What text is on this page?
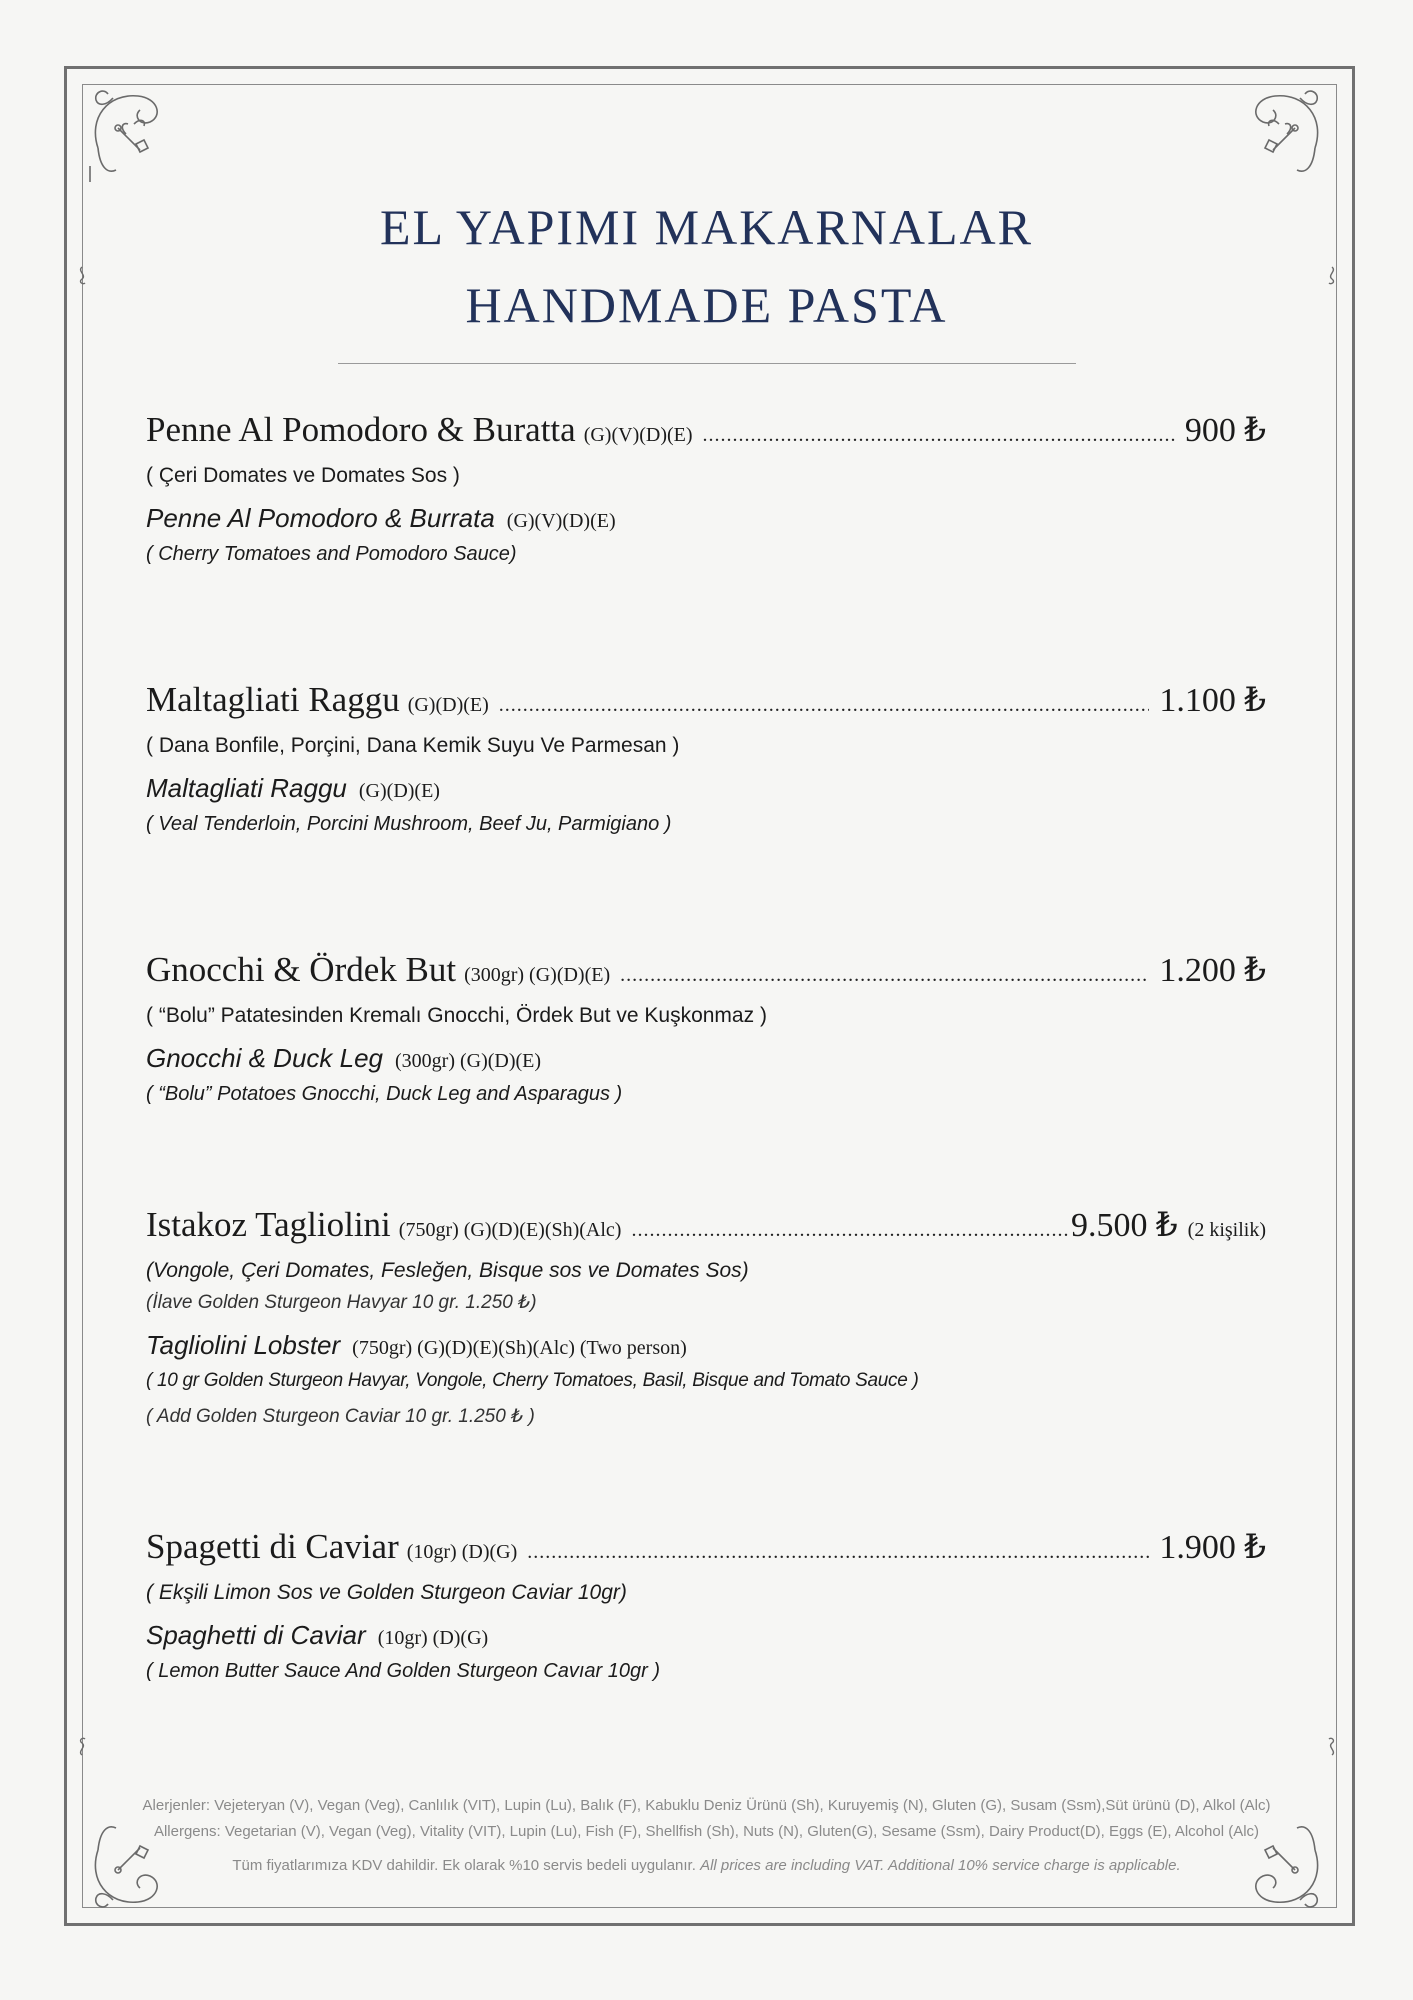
EL YAPIMI MAKARNALAR
HANDMADE PASTA
Penne Al Pomodoro & Buratta (G)(V)(D)(E) .....	900 ₺
( Çeri Domates ve Domates Sos )
Penne Al Pomodoro & Burrata (G)(V)(D)(E)
( Cherry Tomatoes and Pomodoro Sauce)
Maltagliati Raggu (G)(D)(E) .....	1.100 ₺
( Dana Bonfile, Porçini, Dana Kemik Suyu Ve Parmesan )
Maltagliati Raggu (G)(D)(E)
( Veal Tenderloin, Porcini Mushroom, Beef Ju, Parmigiano )
Gnocchi & Ördek But (300gr) (G)(D)(E) .....	1.200 ₺
( “Bolu” Patatesinden Kremalı Gnocchi, Ördek But ve Kuşkonmaz )
Gnocchi & Duck Leg (300gr) (G)(D)(E)
( “Bolu” Potatoes Gnocchi, Duck Leg and Asparagus )
Istakoz Tagliolini (750gr) (G)(D)(E)(Sh)(Alc) .....	9.500 ₺ (2 kişilik)
(Vongole, Çeri Domates, Fesleğen, Bisque sos ve Domates Sos)
(İlave Golden Sturgeon Havyar 10 gr. 1.250 ₺)
Tagliolini Lobster (750gr) (G)(D)(E)(Sh)(Alc) (Two person)
( 10 gr Golden Sturgeon Havyar, Vongole, Cherry Tomatoes, Basil, Bisque and Tomato Sauce )
( Add Golden Sturgeon Caviar 10 gr. 1.250 ₺ )
Spagetti di Caviar (10gr) (D)(G) .....	1.900 ₺
( Ekşili Limon Sos ve Golden Sturgeon Caviar 10gr)
Spaghetti di Caviar (10gr) (D)(G)
( Lemon Butter Sauce And Golden Sturgeon Cavıar 10gr )
Alerjenler: Vejeteryan (V), Vegan (Veg), Canlılık (VIT), Lupin (Lu), Balık (F), Kabuklu Deniz Ürünü (Sh), Kuruyemiş (N), Gluten (G), Susam (Ssm),Süt ürünü (D), Alkol (Alc)
Allergens: Vegetarian (V), Vegan (Veg), Vitality (VIT), Lupin (Lu), Fish (F), Shellfish (Sh), Nuts (N), Gluten(G), Sesame (Ssm), Dairy Product(D), Eggs (E), Alcohol (Alc)
Tüm fiyatlarımıza KDV dahildir. Ek olarak %10 servis bedeli uygulanır. All prices are including VAT. Additional 10% service charge is applicable.
